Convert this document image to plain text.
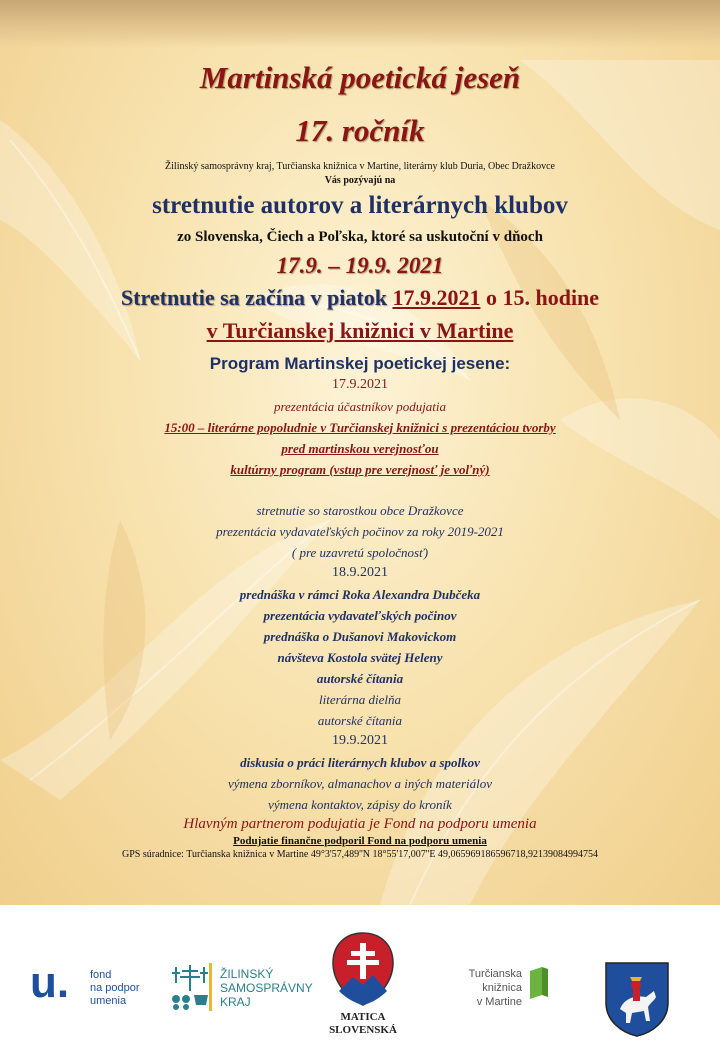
Martinská poetická jeseň
17. ročník
Žilinský samosprávny kraj, Turčianska knižnica v Martine, literárny klub Duria, Obec Dražkovce
Vás pozývajú na
stretnutie autorov a literárnych klubov
zo Slovenska, Čiech a Poľska, ktoré sa uskutoční v dňoch
17.9. – 19.9. 2021
Stretnutie sa začína v piatok 17.9.2021 o 15. hodine
v Turčianskej knižnici v Martine
Program Martinskej poetickej jesene:
17.9.2021
prezentácia účastníkov podujatia
15:00 – literárne popoludnie v Turčianskej knižnici s prezentáciou tvorby
pred martinskou verejnosťou
kultúrny program (vstup pre verejnosť je voľný)
stretnutie so starostkou obce Dražkovce
prezentácia vydavateľských počinov za roky 2019-2021
( pre uzavretú spoločnosť)
18.9.2021
prednáška v rámci Roka Alexandra Dubčeka
prezentácia vydavateľských počinov
prednáška o Dušanovi Makovickom
návšteva Kostola svätej Heleny
autorské čítania
literárna dielňa
autorské čítania
19.9.2021
diskusia o práci literárnych klubov a spolkov
výmena zborníkov, almanachov a iných materiálov
výmena kontaktov, zápisy do kroník
Hlavným partnerom podujatia je Fond na podporu umenia
Podujatie finančne podporil Fond na podporu umenia
GPS súradnice: Turčianska knižnica v Martine 49°3'57,489''N 18°55'17,007''E 49,065969186596718,92139084994754
u. fond
na podpor
umenia
ŽILINSKÝ
SAMOSPRÁVNY
KRAJ
MATICA
SLOVENSKÁ
Turčianska knižnica
v Martine
